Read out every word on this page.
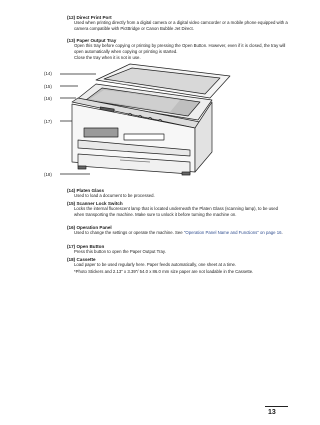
(12) Direct Print Port

Used when printing directly from a digital camera or a digital video camcorder or a mobile phone equipped with a camera compatible with PictBridge or Canon Bubble Jet Direct.

(13) Paper Output Tray

Open this tray before copying or printing by pressing the Open Button. However, even if it is closed, the tray will open automatically when copying or printing is started.

Close the tray when it is not in use.

(14)
(15)
(16)
(17)
(18)

(14) Platen Glass

Used to load a document to be processed.

(15) Scanner Lock Switch

Locks the internal fluorescent lamp that is located underneath the Platen Glass (scanning lamp), to be used when transporting the machine. Make sure to unlock it before turning the machine on.

(16) Operation Panel

Used to change the settings or operate the machine. See "Operation Panel Name and Functions" on page 16.

(17) Open Button

Press this button to open the Paper Output Tray.

(18) Cassette

Load paper to be used regularly here. Paper feeds automatically, one sheet at a time.

*Photo Stickers and 2.13" x 3.39"/ 54.0 x 86.0 mm size paper are not loadable in the Cassette.

13
